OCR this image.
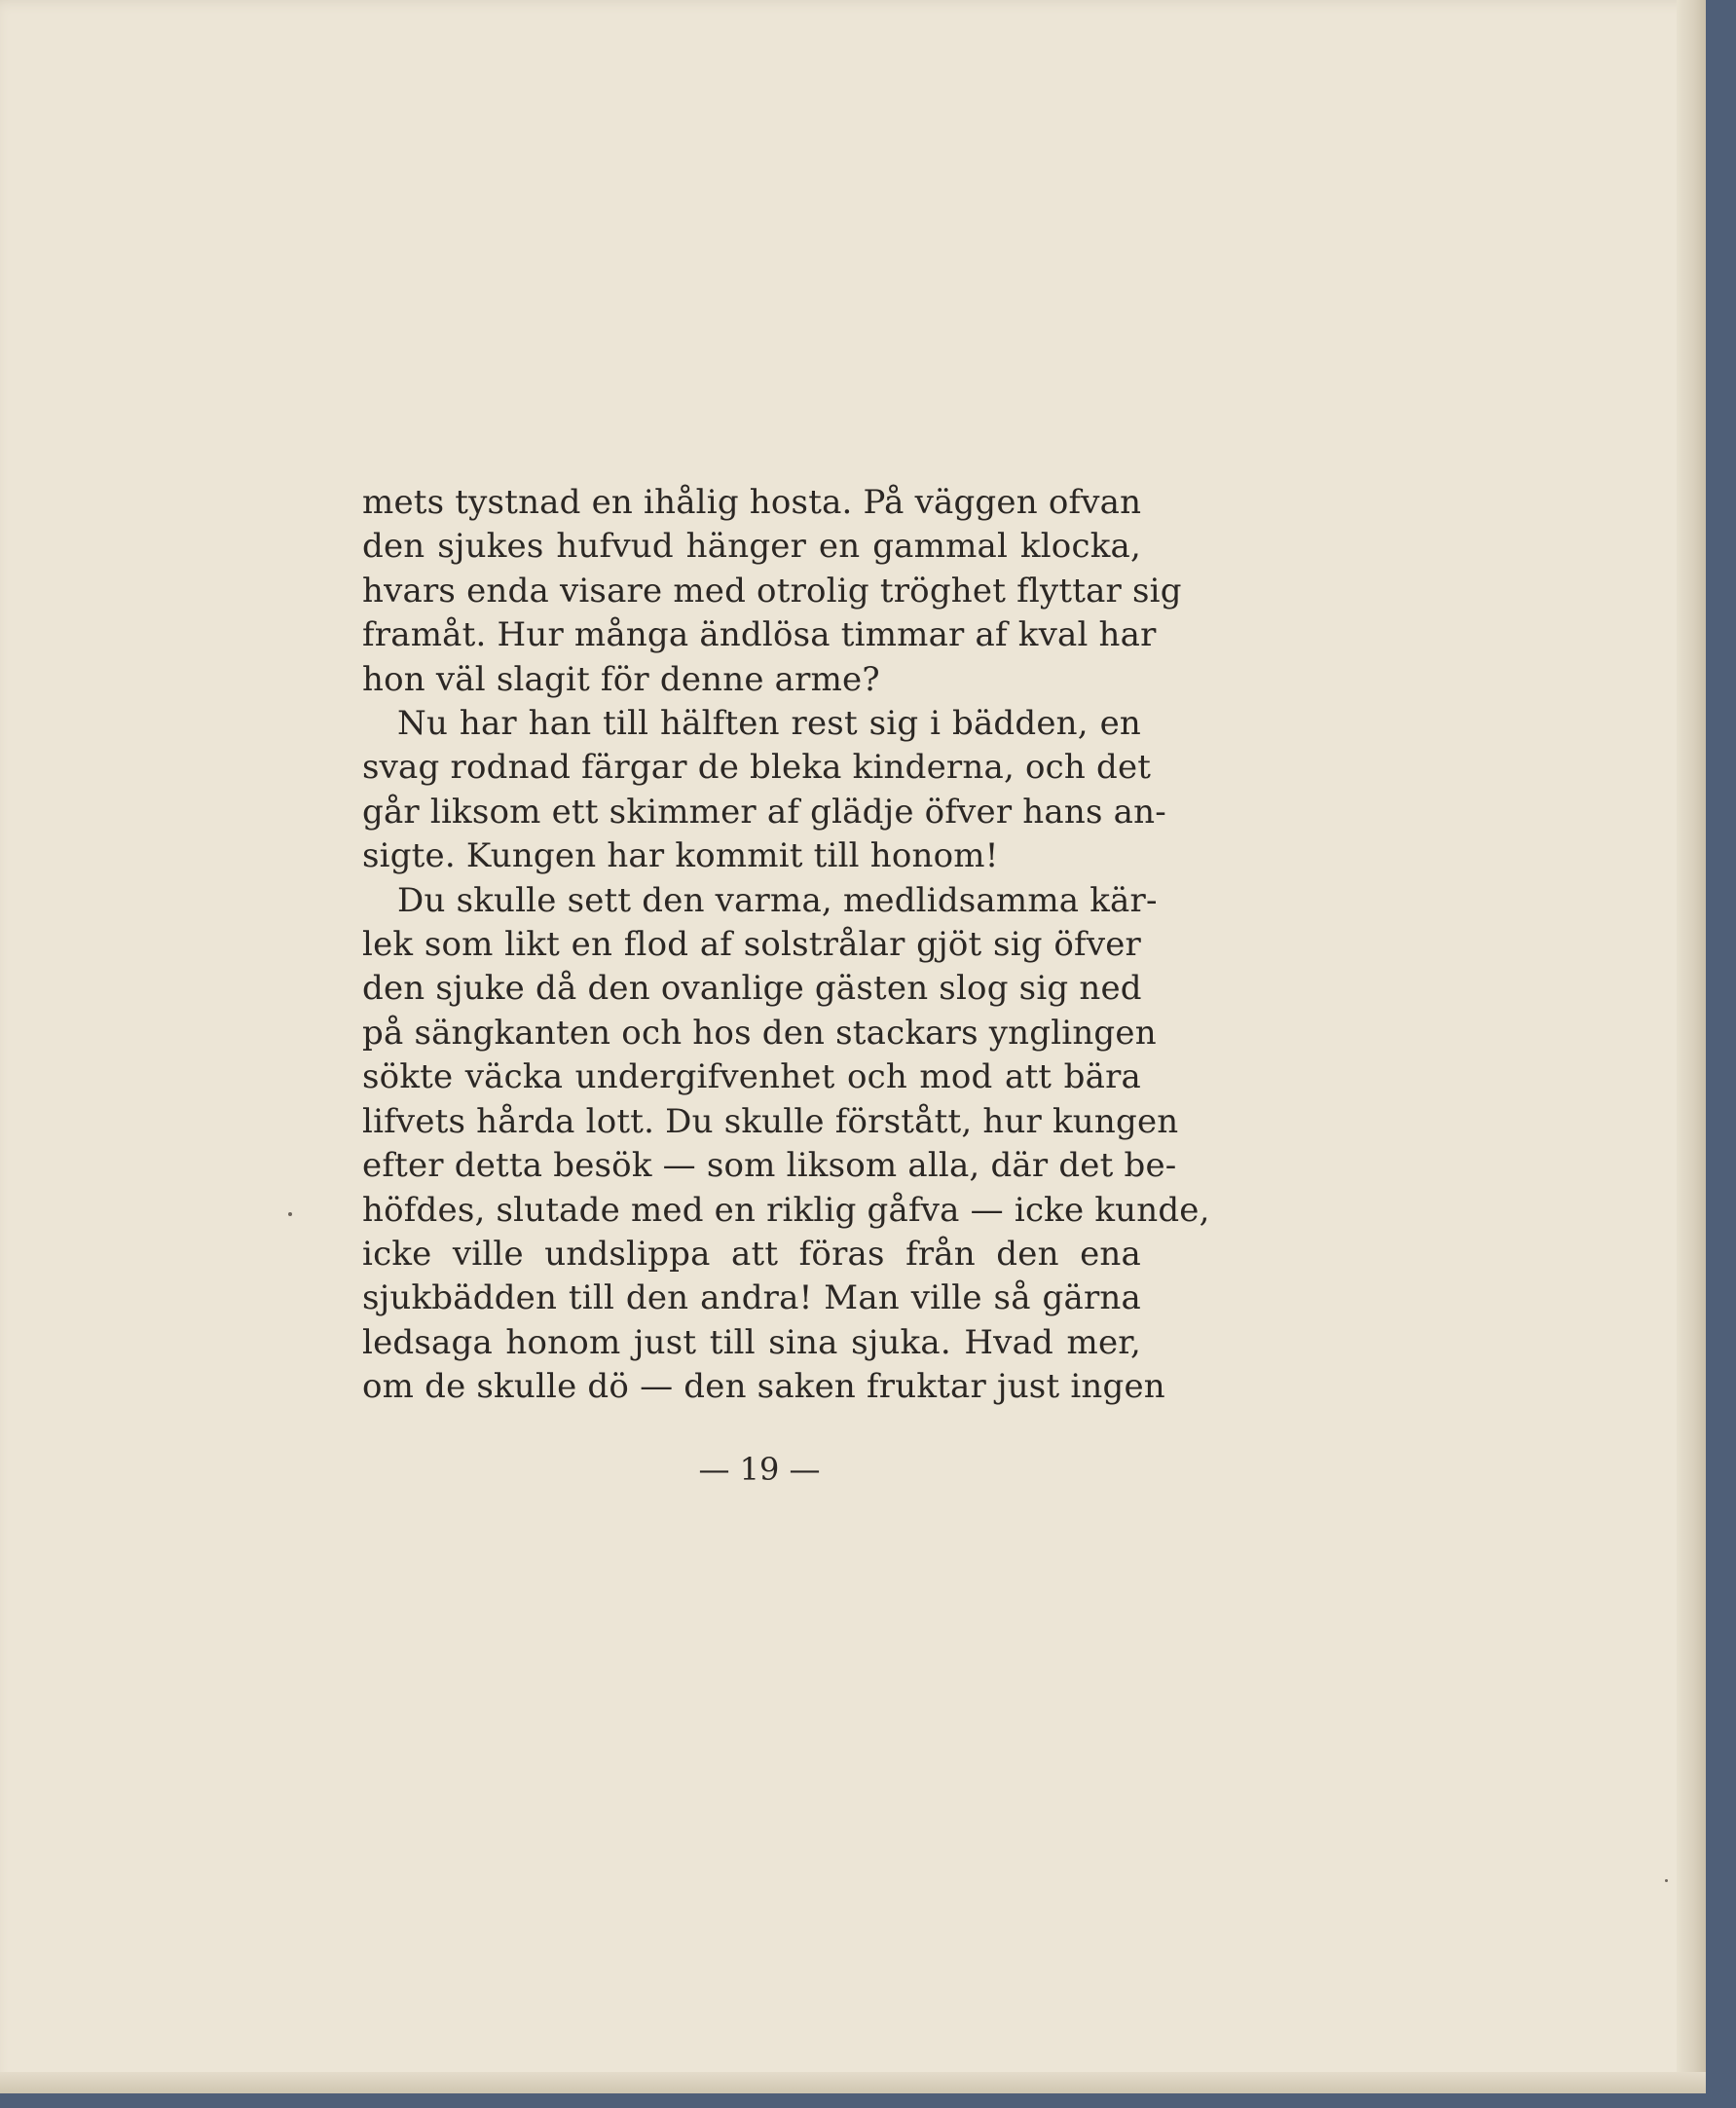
mets tystnad en ihålig hosta. På väggen ofvan
den sjukes hufvud hänger en gammal klocka,
hvars enda visare med otrolig tröghet flyttar sig
framåt. Hur många ändlösa timmar af kval har
hon väl slagit för denne arme?
Nu har han till hälften rest sig i bädden, en
svag rodnad färgar de bleka kinderna, och det
går liksom ett skimmer af glädje öfver hans an-
sigte. Kungen har kommit till honom!
Du skulle sett den varma, medlidsamma kär-
lek som likt en flod af solstrålar gjöt sig öfver
den sjuke då den ovanlige gästen slog sig ned
på sängkanten och hos den stackars ynglingen
sökte väcka undergifvenhet och mod att bära
lifvets hårda lott. Du skulle förstått, hur kungen
efter detta besök — som liksom alla, där det be-
höfdes, slutade med en riklig gåfva — icke kunde,
icke ville undslippa att föras från den ena
sjukbädden till den andra! Man ville så gärna
ledsaga honom just till sina sjuka. Hvad mer,
om de skulle dö — den saken fruktar just ingen
— 19 —
